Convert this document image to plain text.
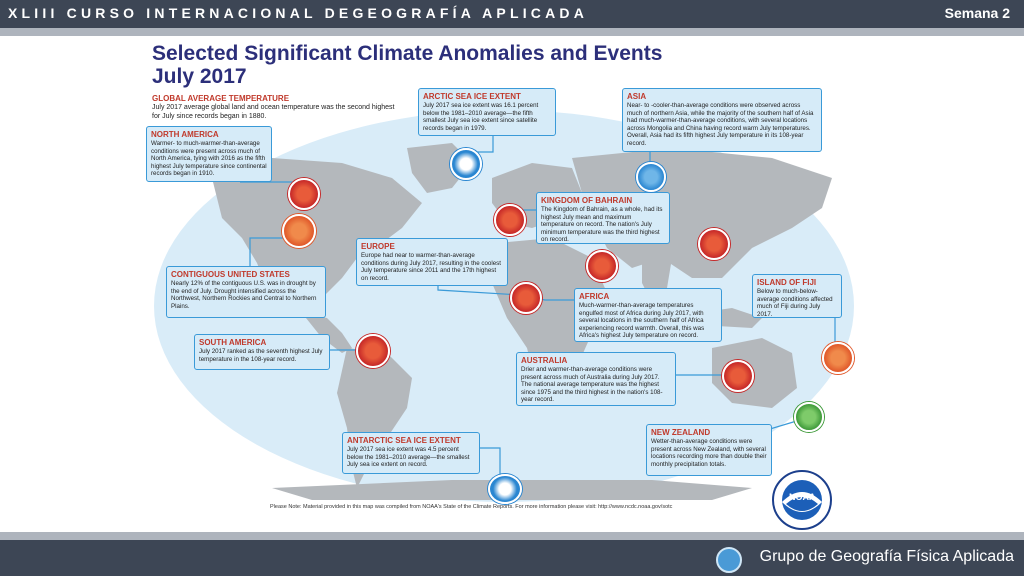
XLIII CURSO INTERNACIONAL DEGEOGRAFÍA APLICADA	Semana 2
Selected Significant Climate Anomalies and Events
July 2017
GLOBAL AVERAGE TEMPERATURE
July 2017 average global land and ocean temperature was the second highest for July since records began in 1880.
NORTH AMERICA
Warmer- to much-warmer-than-average conditions were present across much of North America, tying with 2016 as the fifth highest July temperature since continental records began in 1910.
ARCTIC SEA ICE EXTENT
July 2017 sea ice extent was 16.1 percent below the 1981–2010 average—the fifth smallest July sea ice extent since satellite records began in 1979.
ASIA
Near- to -cooler-than-average conditions were observed across much of northern Asia, while the majority of the southern half of Asia had much-warmer-than-average conditions, with several locations across Mongolia and China having record warm July temperatures. Overall, Asia had its fifth highest July temperature in its 108-year record.
KINGDOM OF BAHRAIN
The Kingdom of Bahrain, as a whole, had its highest July mean and maximum temperature on record. The nation's July minimum temperature was the third highest on record.
EUROPE
Europe had near to warmer-than-average conditions during July 2017, resulting in the coolest July temperature since 2011 and the 17th highest on record.	ISLAND OF FIJI
Below to much-below-average conditions affected much of Fiji during July 2017.
CONTIGUOUS UNITED STATES
Nearly 12% of the contiguous U.S. was in drought by the end of July. Drought intensified across the Northwest, Northern Rockies and Central to Northern Plains.
AFRICA
Much-warmer-than-average temperatures engulfed most of Africa during July 2017, with several locations in the southern half of Africa experiencing record warmth. Overall, this was Africa's highest July temperature on record.
SOUTH AMERICA
July 2017 ranked as the seventh highest July temperature in the 108-year record.	AUSTRALIA
Drier and warmer-than-average conditions were present across much of Australia during July 2017. The national average temperature was the highest since 1975 and the third highest in the nation's 108-year record.
ANTARCTIC SEA ICE EXTENT
July 2017 sea ice extent was 4.5 percent below the 1981–2010 average—the smallest July sea ice extent on record.
NEW ZEALAND
Wetter-than-average conditions were present across New Zealand, with several locations recording more than double their monthly precipitation totals.
NOAA
Please Note: Material provided in this map was compiled from NOAA's State of the Climate Reports. For more information please visit: http://www.ncdc.noaa.gov/sotc
Grupo de Geografía Física Aplicada
